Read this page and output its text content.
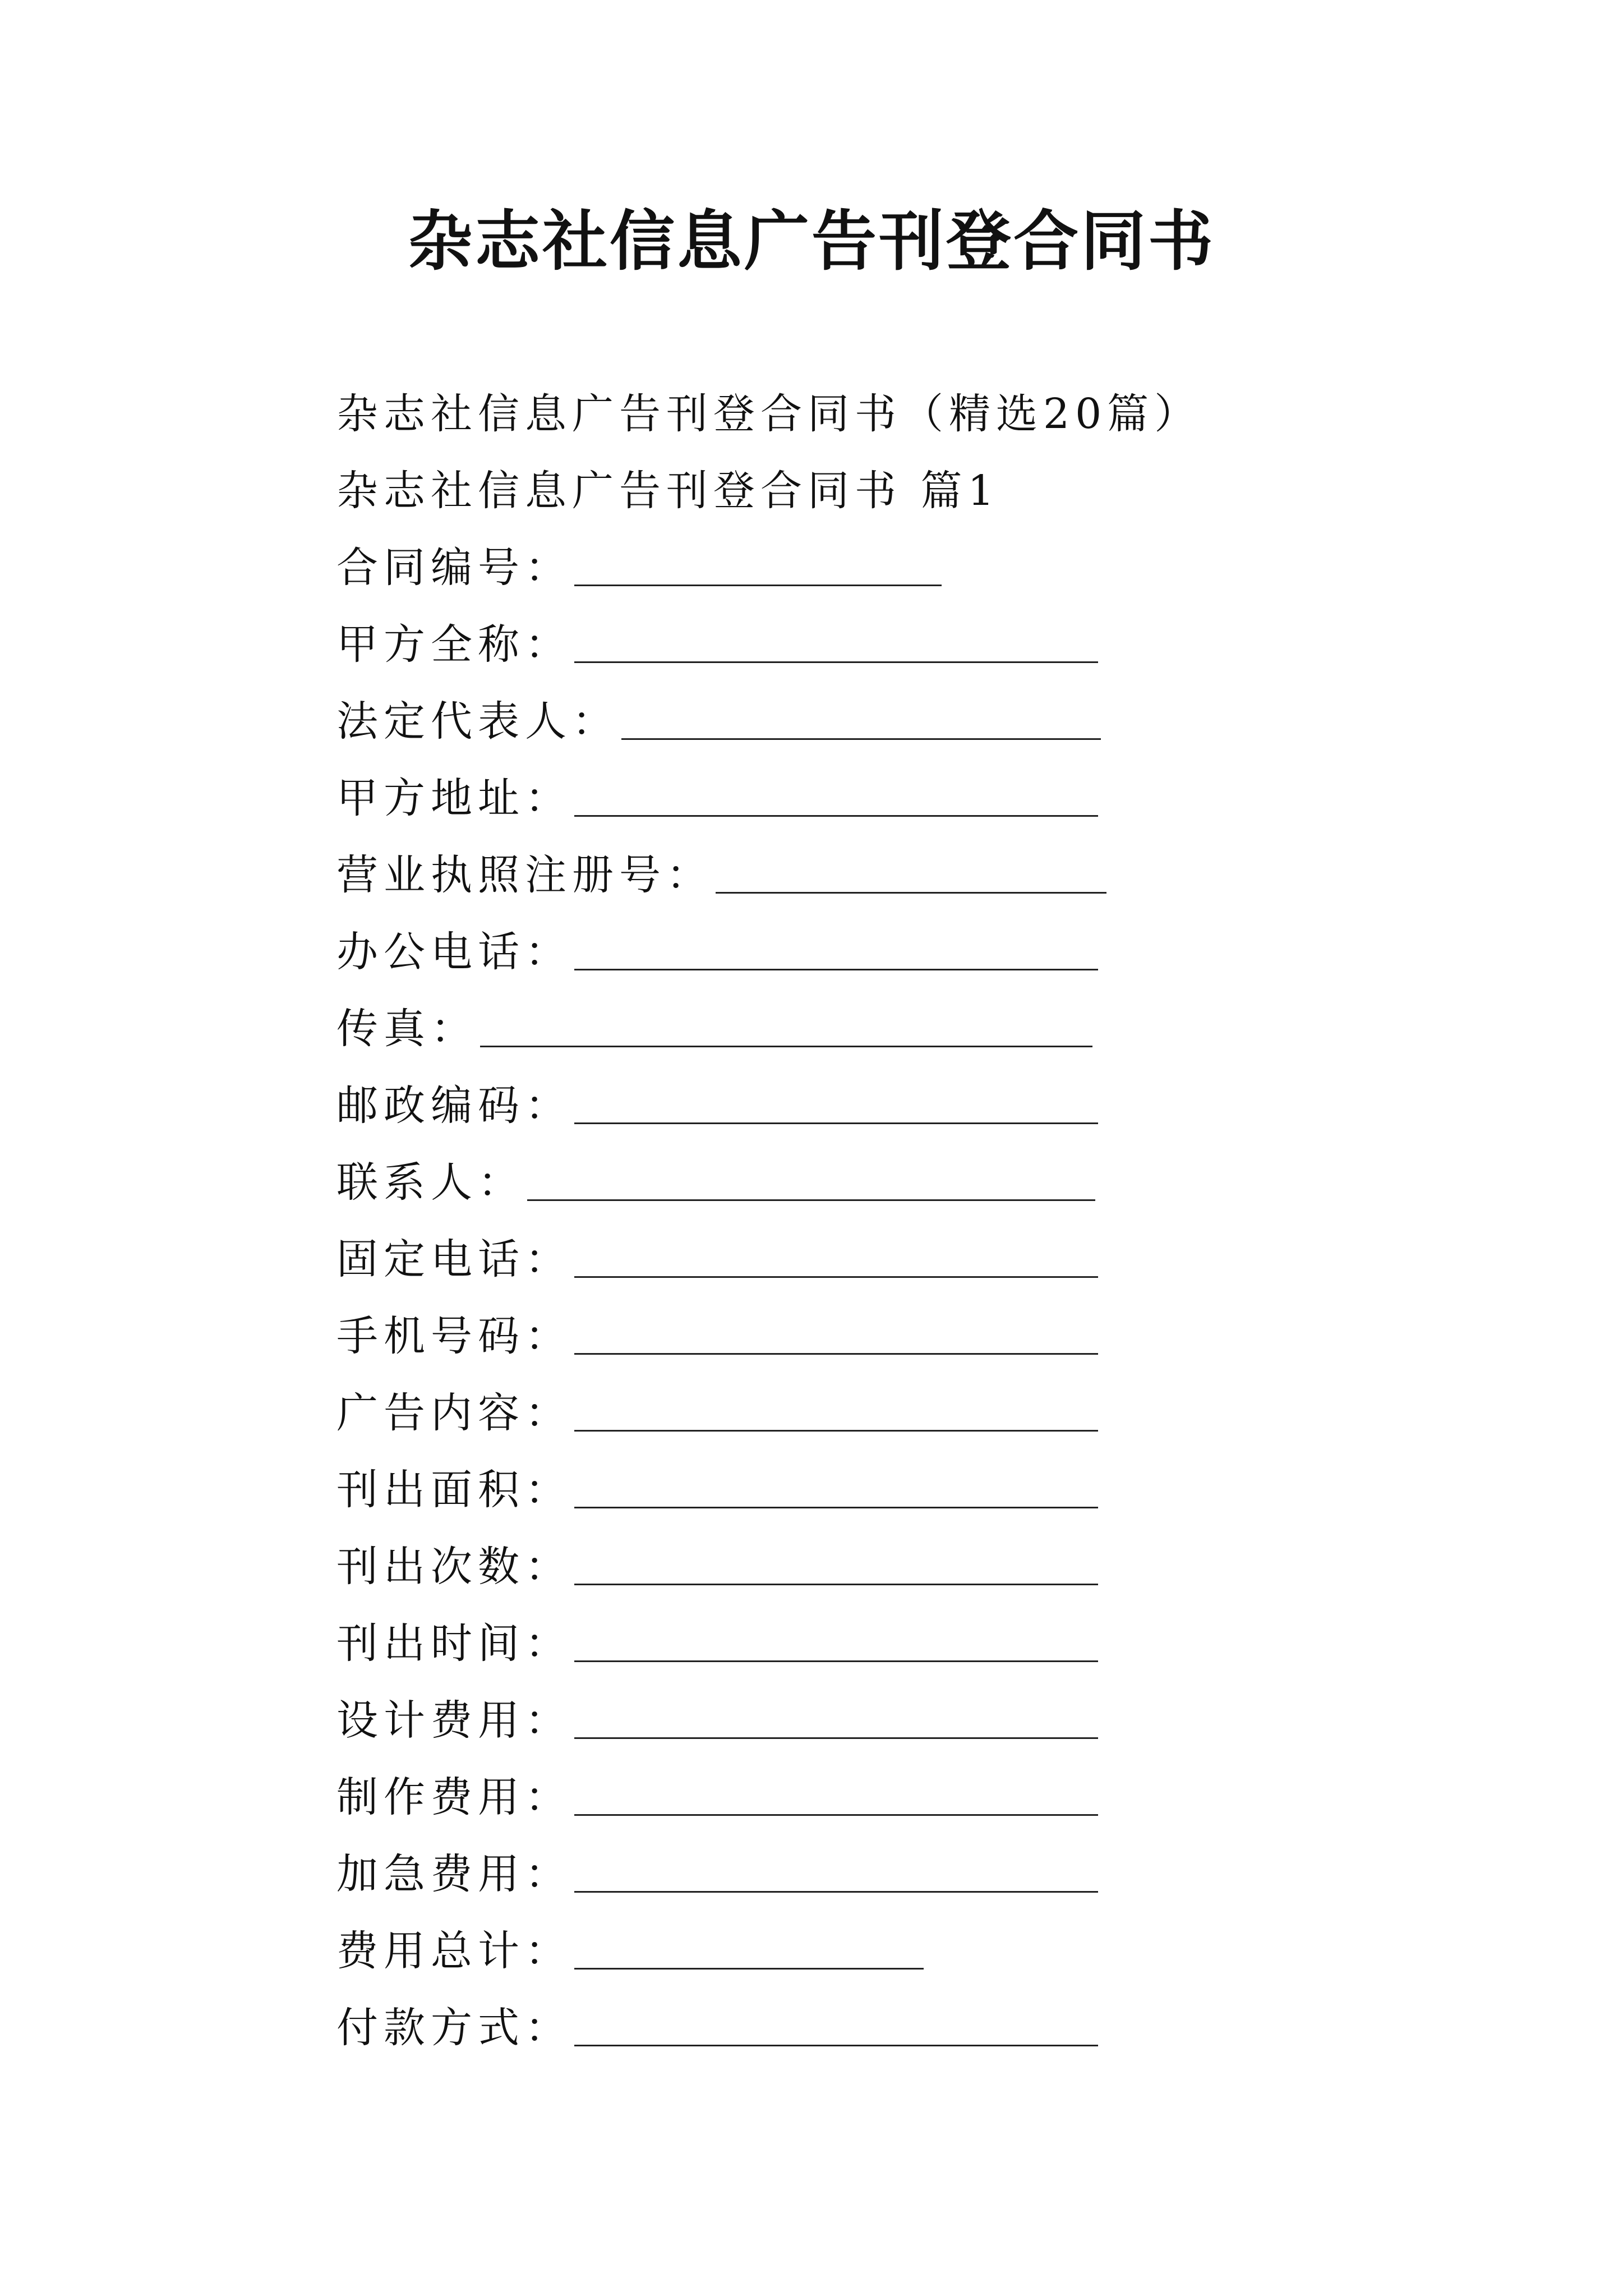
杂志社信息广告刊登合同书
杂志社信息广告刊登合同书（精选20篇）
杂志社信息广告刊登合同书 篇1
合同编号：
甲方全称：
法定代表人：
甲方地址：
营业执照注册号：
办公电话：
传真：
邮政编码：
联系人：
固定电话：
手机号码：
广告内容：
刊出面积：
刊出次数：
刊出时间：
设计费用：
制作费用：
加急费用：
费用总计：
付款方式：
